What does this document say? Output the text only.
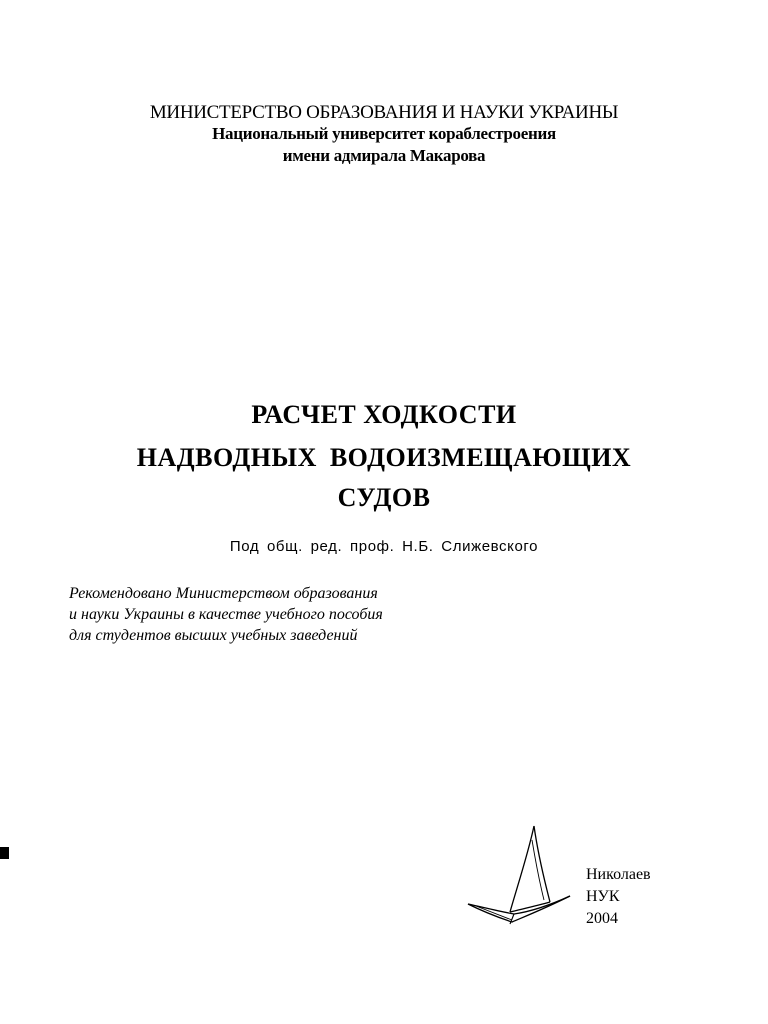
МИНИСТЕРСТВО ОБРАЗОВАНИЯ И НАУКИ УКРАИНЫ
Национальный университет кораблестроения
имени адмирала Макарова
РАСЧЕТ ХОДКОСТИ
НАДВОДНЫХ ВОДОИЗМЕЩАЮЩИХ
СУДОВ
Под общ. ред. проф. Н.Б. Слижевского
Рекомендовано Министерством образования
и науки Украины в качестве учебного пособия
для студентов высших учебных заведений
Николаев
НУК
2004
